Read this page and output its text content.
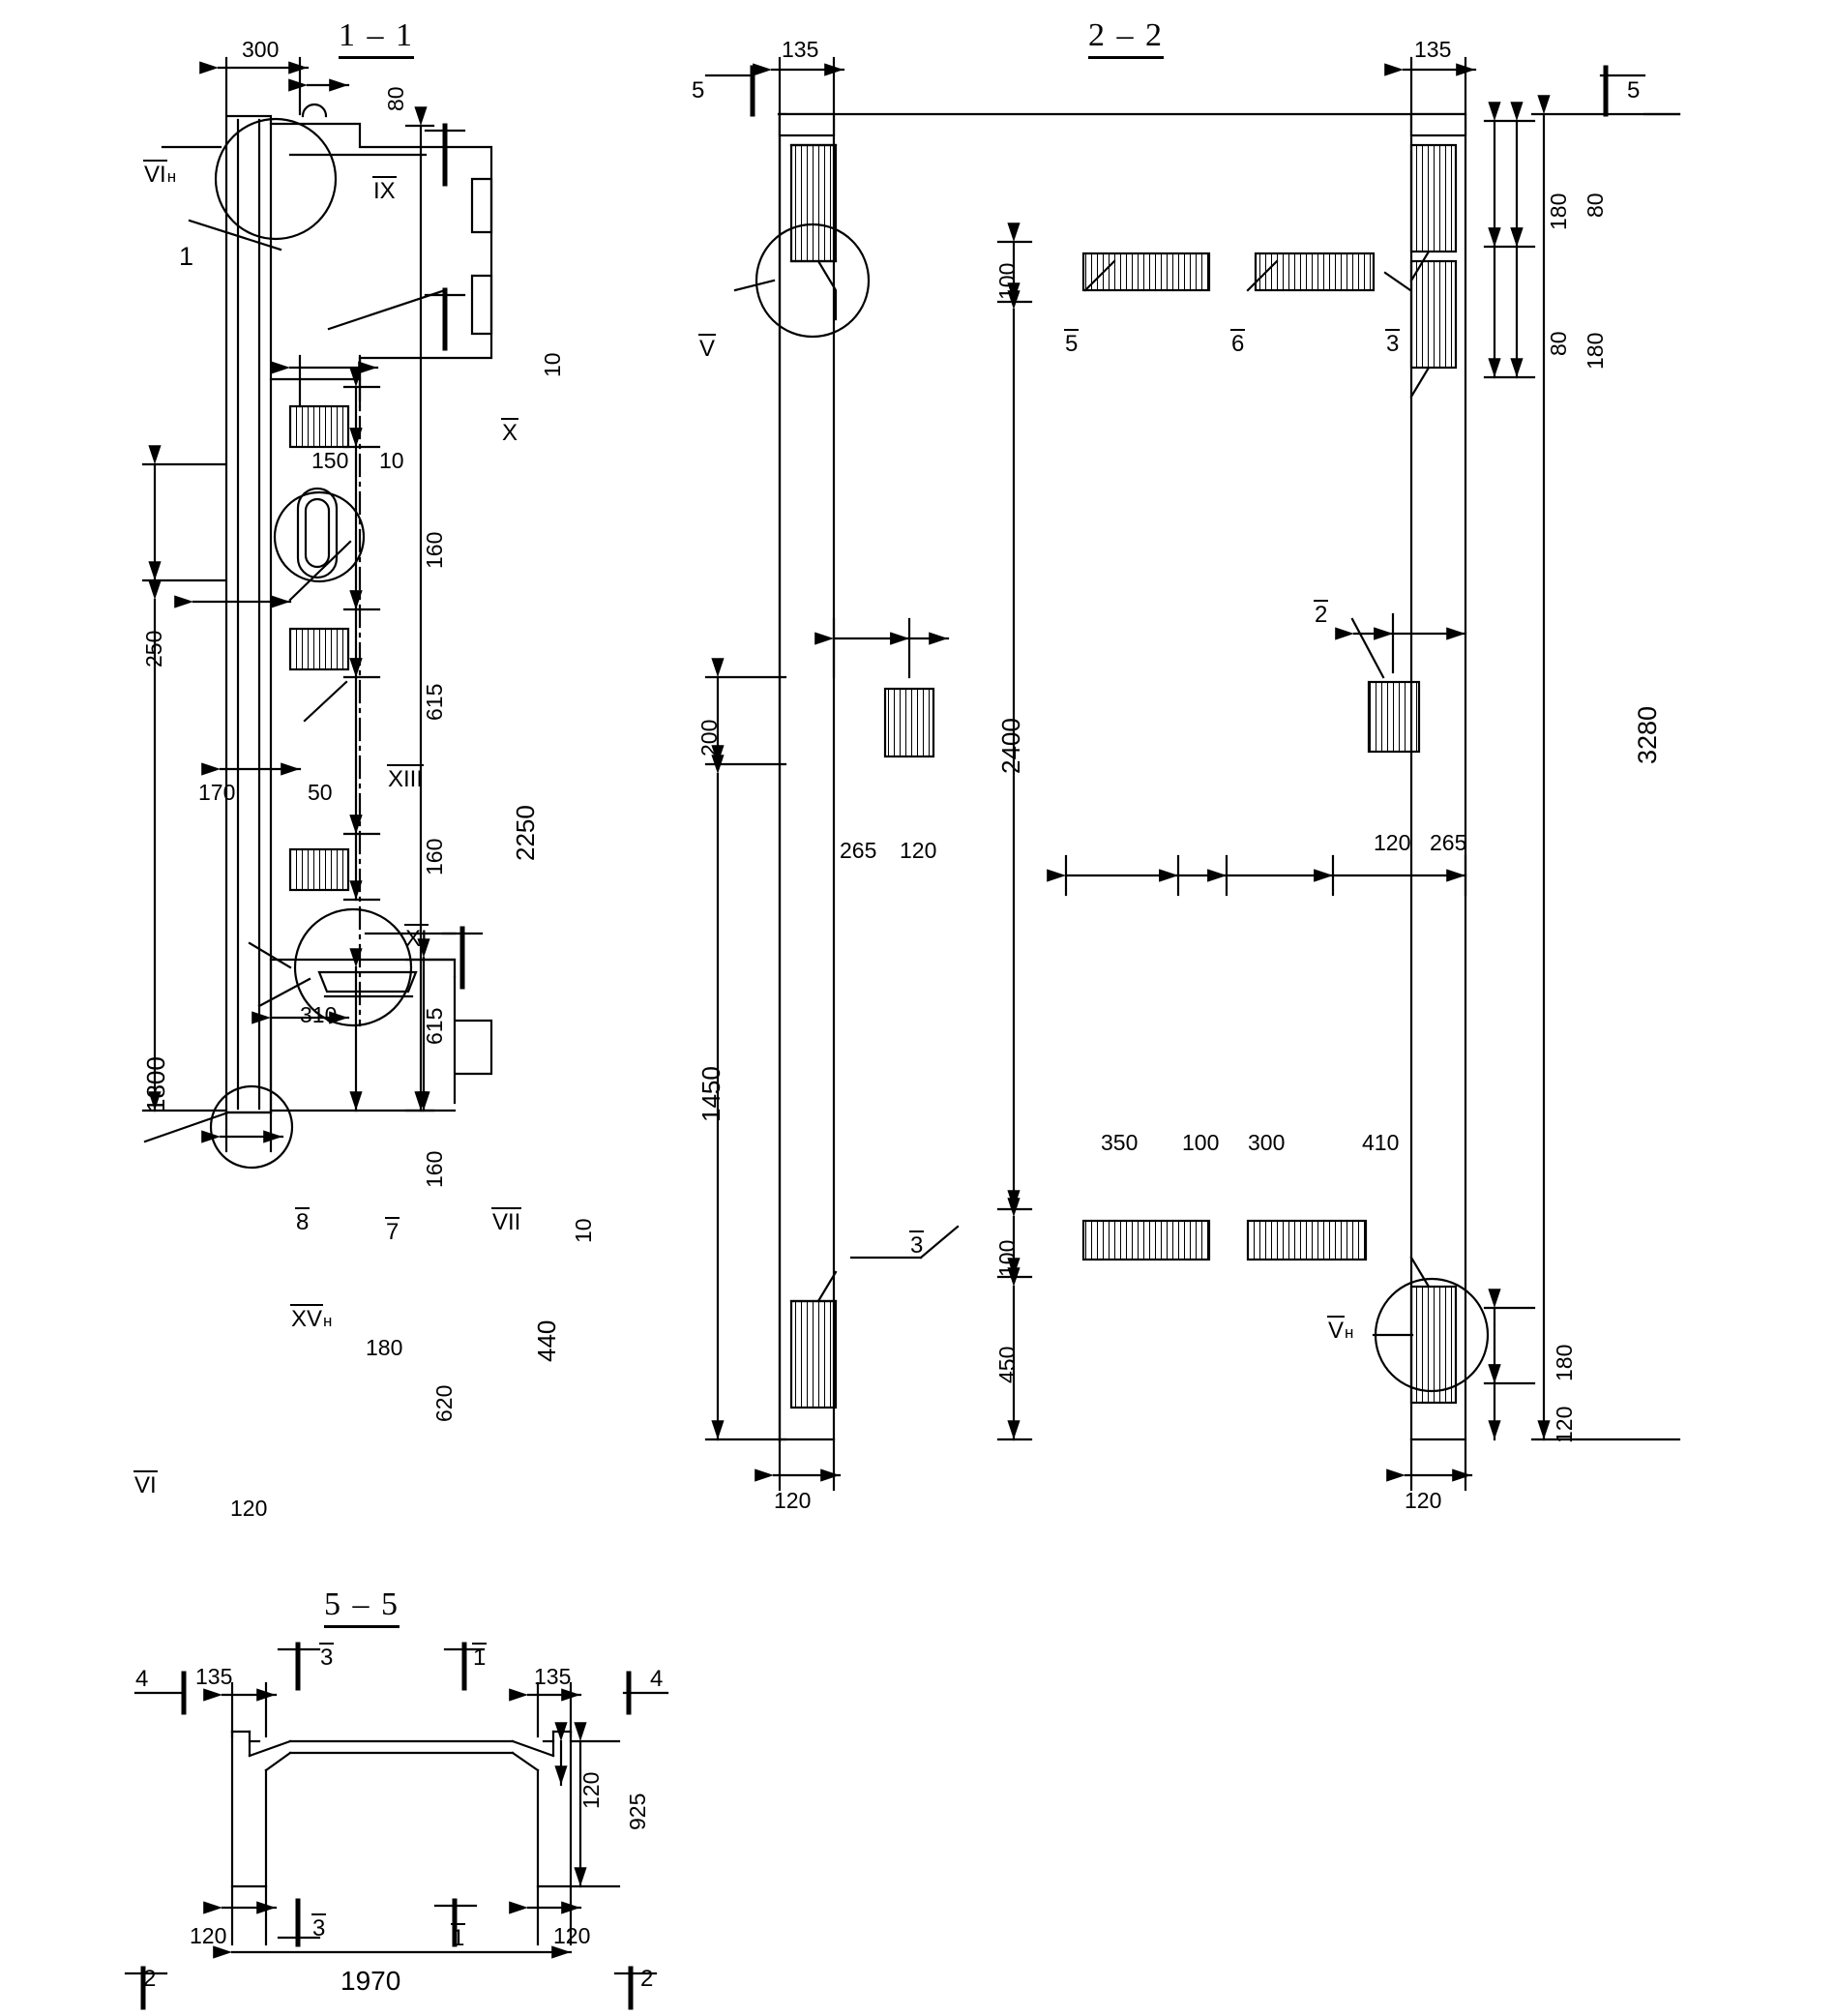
1 – 1	2 – 2
5 – 5
300
80
10
150 10
160
615
250
170	50
2250
160
310	615
1800
160
10
440
180
620
120
VIн
1
IX
X
XIII
XI
VII
8	7
XVн
VI
135	135
180 80
80 180
100
3280
200	2400
265 120	120 265
1450
350 100 300	410
100
450	180
120
120	120
5	5
V	5	6	3
2
3
Vн
135	135
120
925
120	120
1970
4
3	1
4
3	1
2	2
